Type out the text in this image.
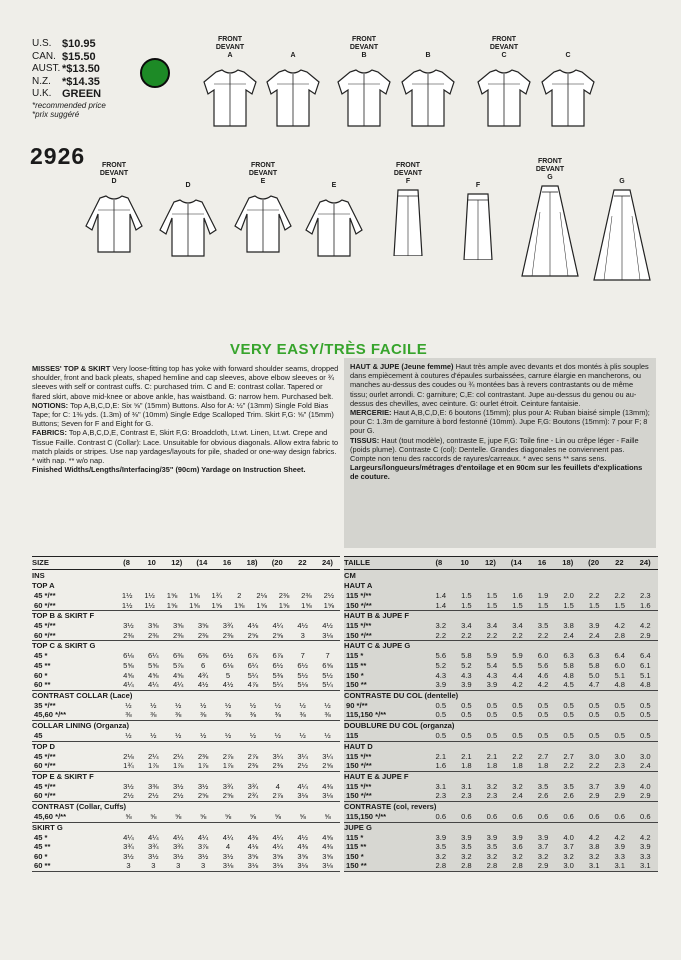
U.S. $10.95
CAN. $15.50
AUST. *$13.50
N.Z.	*$14.35
U.K. GREEN
*recommended price
*prix suggéré
2926
FRONT
DEVANT
A	A
FRONT
DEVANT
B	B
FRONT
DEVANT
C	C
FRONT
DEVANT
D
D
FRONT
DEVANT
E
E
FRONT
DEVANT
F
F
FRONT
DEVANT
G
G
VERY EASY/TRÈS FACILE
MISSES' TOP & SKIRT Very loose-fitting top has yoke with forward shoulder seams, dropped shoulder, front and back pleats, shaped hemline and cap sleeves, above elbow sleeves or ¾ sleeves with self or contrast cuffs. C: purchased trim. C and E: contrast collar. Tapered or flared skirt, above mid-knee or above ankle, has waistband. G: narrow hem. Purchased belt.
NOTIONS: Top A,B,C,D,E: Six ⅝" (15mm) Buttons. Also for A: ½" (13mm) Single Fold Bias Tape; for C: 1⅜ yds. (1.3m) of ⅜" (10mm) Single Edge Scalloped Trim. Skirt F,G: ⅝" (15mm) Buttons; Seven for F and Eight for G.
FABRICS: Top A,B,C,D,E, Contrast E, Skirt F,G: Broadcloth, Lt.wt. Linen, Lt.wt. Crepe and Tissue Faille. Contrast C (Collar): Lace. Unsuitable for obvious diagonals. Allow extra fabric to match plaids or stripes. Use nap yardages/layouts for pile, shaded or one-way design fabrics. * with nap. ** w/o nap.
Finished Widths/Lengths/Interfacing/35" (90cm) Yardage on Instruction Sheet.
HAUT & JUPE (Jeune femme) Haut très ample avec devants et dos montés à plis souples dans empiècement à coutures d'épaules surbaissées, carrure élargie en mancherons, ou manches au-dessus des coudes ou ¾ montées bas à revers contrastants ou de même tissu; ourlet arrondi. C: garniture; C,E: col contrastant. Jupe au-dessus du genou ou au-dessus des chevilles, avec ceinture. G: ourlet étroit. Ceinture fantaisie.
MERCERIE: Haut A,B,C,D,E: 6 boutons (15mm); plus pour A: Ruban biaisé simple (13mm); pour C: 1.3m de garniture à bord festonné (10mm). Jupe F,G: Boutons (15mm): 7 pour F; 8 pour G.
TISSUS: Haut (tout modèle), contraste E, jupe F,G: Toile fine - Lin ou crêpe léger - Faille (poids plume). Contraste C (col): Dentelle. Grandes diagonales ne conviennent pas. Compte non tenu des raccords de rayures/carreaux. * avec sens ** sans sens.
Largeurs/longueurs/métrages d'entoilage et en 90cm sur les feuillets d'explications de couture.
SIZE	(8	10	12)	(14	16	18)	(20	22	24)
INS
TOP A
45 */**	1½	1½	1⅝	1⅝	1¾	2	2⅛	2⅜	2⅜	2½
60 */**	1½	1½	1⅝	1⅝	1⅝	1⅝	1⅝	1⅝	1⅝	1⅝
TOP B & SKIRT F
45 */**	3½	3⅝	3⅝	3⅝	3¾	4⅛	4¼	4½	4½
60 */**	2⅜	2⅜	2⅜	2⅜	2⅜	2⅝	2⅝	3	3⅛
TOP C & SKIRT G
45 *	6⅛	6¼	6⅜	6⅜	6½	6⅞	6⅞	7	7
45 **	5⅝	5⅝	5⅞	6	6⅛	6¼	6½	6½	6⅝
60 *	4⅝	4⅝	4⅝	4¾	5	5¼	5⅜	5½	5½
60 **	4¼	4¼	4¼	4½	4½	4⅞	5¼	5⅛	5¼
CONTRAST COLLAR (Lace)
35 */**	½	½	½	½	½	½	½	½	½
45,60 */**	⅜	⅜	⅜	⅜	⅜	⅜	⅜	⅜	⅜
COLLAR LINING (Organza)
45	½	½	½	½	½	½	½	½	½
TOP D
45 */**	2⅛	2¼	2¼	2⅜	2⅞	2⅞	3¼	3¼	3¼
60 */**	1¾	1⅞	1⅞	1⅞	1⅞	2⅜	2⅜	2½	2⅝
TOP E & SKIRT F
45 */**	3½	3⅜	3½	3½	3¾	3¾	4	4¼	4⅜
60 */**	2½	2½	2½	2⅝	2⅝	2¾	2⅞	3⅛	3⅛
CONTRAST (Collar, Cuffs)
45,60 */**	⅝	⅝	⅝	⅝	⅝	⅝	⅝	⅝	⅝
SKIRT G
45 *	4¼	4¼	4¼	4¼	4¼	4⅜	4¼	4½	4⅝
45 **	3¾	3¾	3¾	3⅞	4	4⅛	4¼	4⅜	4⅜
60 *	3½	3½	3½	3½	3½	3⅝	3⅝	3⅝	3⅝
60 **	3	3	3	3	3⅛	3⅛	3⅛	3⅛	3⅛
TAILLE	(8	10	12)	(14	16	18)	(20	22	24)
CM
HAUT A
115 */**	1.4	1.5	1.5	1.6	1.9	2.0	2.2	2.2	2.3
150 */**	1.4	1.5	1.5	1.5	1.5	1.5	1.5	1.5	1.6
HAUT B & JUPE F
115 */**	3.2	3.4	3.4	3.4	3.5	3.8	3.9	4.2	4.2
150 */**	2.2	2.2	2.2	2.2	2.2	2.4	2.4	2.8	2.9
HAUT C & JUPE G
115 *	5.6	5.8	5.9	5.9	6.0	6.3	6.3	6.4	6.4
115 **	5.2	5.2	5.4	5.5	5.6	5.8	5.8	6.0	6.1
150 *	4.3	4.3	4.3	4.4	4.6	4.8	5.0	5.1	5.1
150 **	3.9	3.9	3.9	4.2	4.2	4.5	4.7	4.8	4.8
CONTRASTE DU COL (dentelle)
90 */**	0.5	0.5	0.5	0.5	0.5	0.5	0.5	0.5	0.5
115,150 */**	0.5	0.5	0.5	0.5	0.5	0.5	0.5	0.5	0.5
DOUBLURE DU COL (organza)
115	0.5	0.5	0.5	0.5	0.5	0.5	0.5	0.5	0.5
HAUT D
115 */**	2.1	2.1	2.1	2.2	2.7	2.7	3.0	3.0	3.0
150 */**	1.6	1.8	1.8	1.8	1.8	2.2	2.2	2.3	2.4
HAUT E & JUPE F
115 */**	3.1	3.1	3.2	3.2	3.5	3.5	3.7	3.9	4.0
150 */**	2.3	2.3	2.3	2.4	2.6	2.6	2.9	2.9	2.9
CONTRASTE (col, revers)
115,150 */**	0.6	0.6	0.6	0.6	0.6	0.6	0.6	0.6	0.6
JUPE G
115 *	3.9	3.9	3.9	3.9	3.9	4.0	4.2	4.2	4.2
115 **	3.5	3.5	3.5	3.6	3.7	3.7	3.8	3.9	3.9
150 *	3.2	3.2	3.2	3.2	3.2	3.2	3.2	3.3	3.3
150 **	2.8	2.8	2.8	2.8	2.9	3.0	3.1	3.1	3.1
